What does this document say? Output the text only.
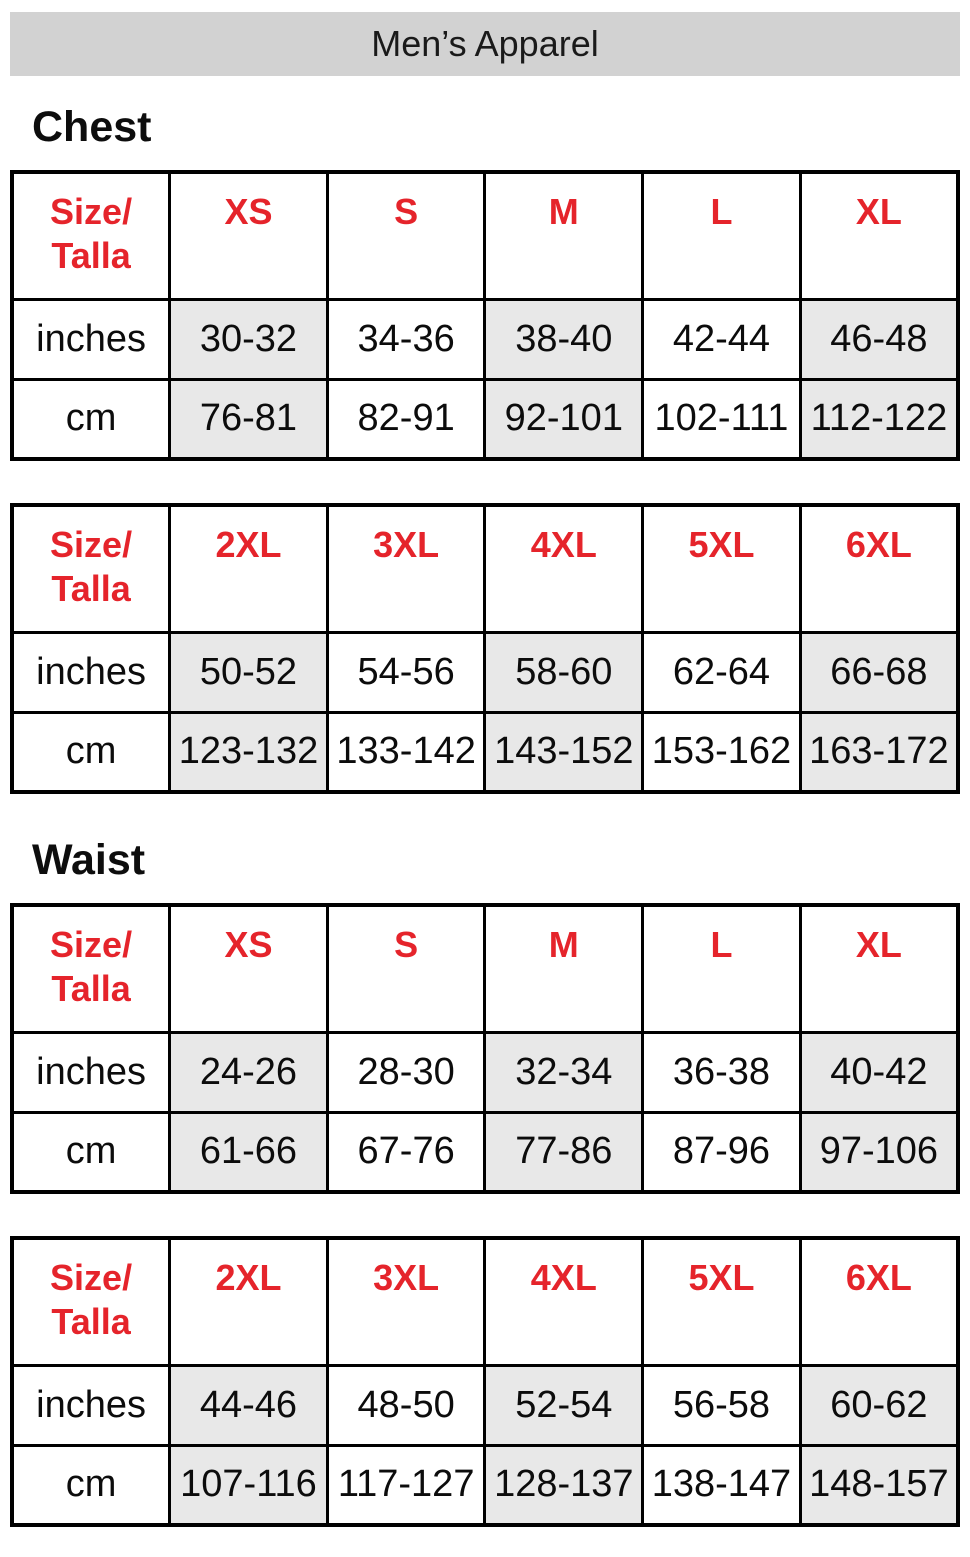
Men’s Apparel
Chest
Size/
Talla	XS	S	M	L	XL
inches	30-32	34-36	38-40	42-44	46-48
cm	76-81	82-91	92-101	102-111	112-122
Size/
Talla	2XL	3XL	4XL	5XL	6XL
inches	50-52	54-56	58-60	62-64	66-68
cm	123-132	133-142	143-152	153-162	163-172
Waist
Size/
Talla	XS	S	M	L	XL
inches	24-26	28-30	32-34	36-38	40-42
cm	61-66	67-76	77-86	87-96	97-106
Size/
Talla	2XL	3XL	4XL	5XL	6XL
inches	44-46	48-50	52-54	56-58	60-62
cm	107-116	117-127	128-137	138-147	148-157
